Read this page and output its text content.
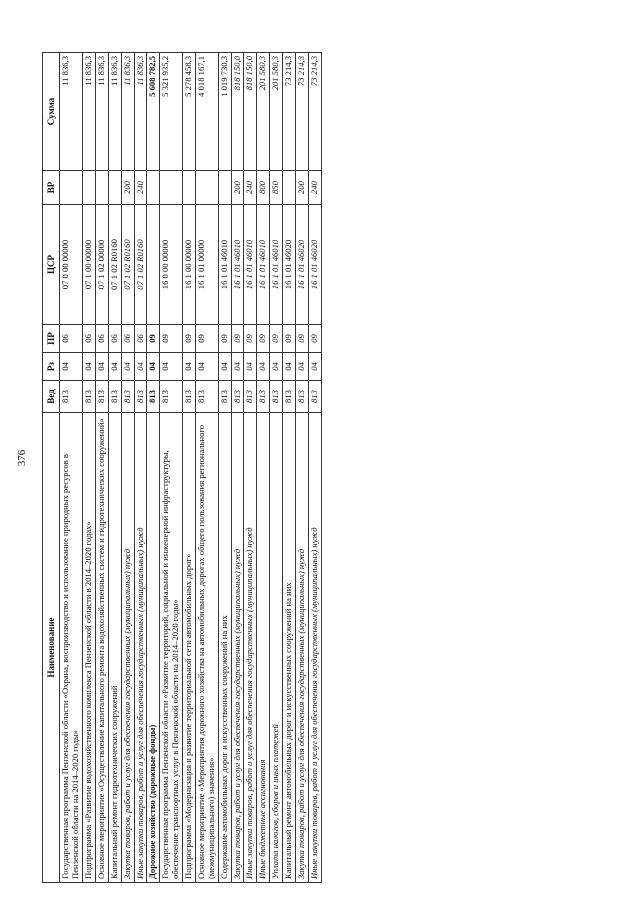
376
Наименование	Вед	Рз	ПР	ЦСР	ВР	Сумма
Государственная программа Пензенской области «Охрана, воспроизводство и использование природных ресурсов в Пензенской области на 2014–2020 годы»	813	04	06	07 0 00 00000		11 836,3
Подпрограмма «Развитие водохозяйственного комплекса Пензенской области в 2014–2020 годах»	813	04	06	07 1 00 00000		11 836,3
Основное мероприятие «Осуществление капитального ремонта водохозяйственных систем и гидротехнических сооружений»	813	04	06	07 1 02 00000		11 836,3
Капитальный ремонт гидротехнических сооружений	813	04	06	07 1 02 R0160		11 836,3
Закупка товаров, работ и услуг для обеспечения государственных (муниципальных) нужд	813	04	06	07 1 02 R0160	200	11 836,3
Иные закупки товаров, работ и услуг для обеспечения государственных (муниципальных) нужд	813	04	06	07 1 02 R0160	240	11 836,3
Дорожное хозяйство (дорожные фонды)	813	04	09			5 608 782,5
Государственная программа Пензенской области «Развитие территорий, социальной и инженерной инфраструктуры, обеспечение транспортных услуг в Пензенской области на 2014–2020 годы»	813	04	09	16 0 00 00000		5 321 935,2
Подпрограмма «Модернизация и развитие территориальной сети автомобильных дорог»	813	04	09	16 1 00 00000		5 278 458,3
Основное мероприятие «Мероприятия дорожного хозяйства на автомобильных дорогах общего пользования регионального (межмуниципального) значения»	813	04	09	16 1 01 00000		4 018 167,1
Содержание автомобильных дорог и искусственных сооружений на них	813	04	09	16 1 01 46010		1 019 730,3
Закупка товаров, работ и услуг для обеспечения государственных (муниципальных) нужд	813	04	09	16 1 01 46010	200	818 150,0
Иные закупки товаров, работ и услуг для обеспечения государственных (муниципальных) нужд	813	04	09	16 1 01 46010	240	818 150,0
Иные бюджетные ассигнования	813	04	09	16 1 01 46010	800	201 580,3
Уплата налогов, сборов и иных платежей	813	04	09	16 1 01 46010	850	201 580,3
Капитальный ремонт автомобильных дорог и искусственных сооружений на них	813	04	09	16 1 01 46020		73 214,3
Закупка товаров, работ и услуг для обеспечения государственных (муниципальных) нужд	813	04	09	16 1 01 46020	200	73 214,3
Иные закупки товаров, работ и услуг для обеспечения государственных (муниципальных) нужд	813	04	09	16 1 01 46020	240	73 214,3
